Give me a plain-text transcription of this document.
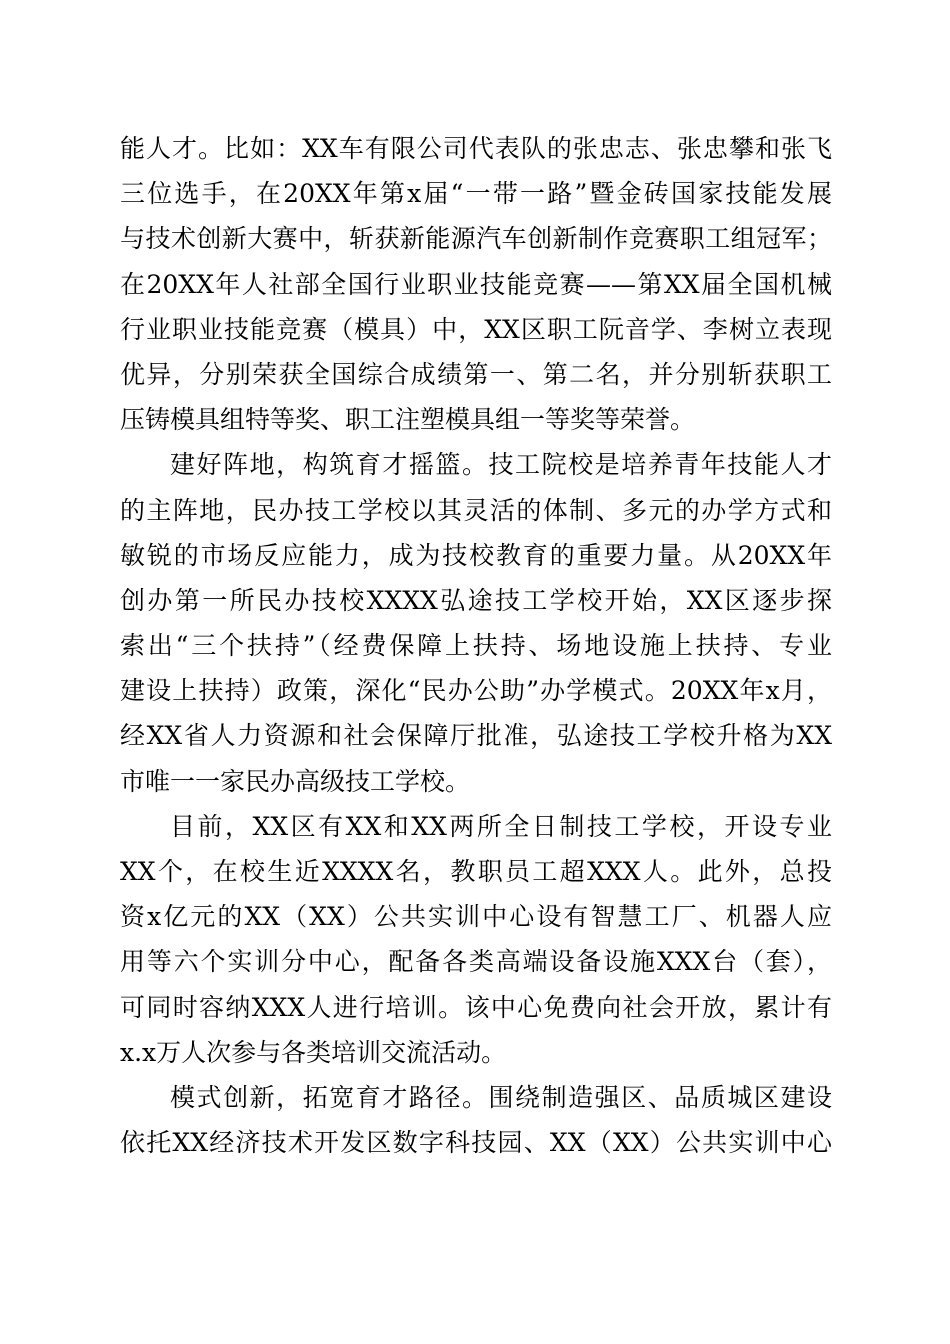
能人才。比如：XX车有限公司代表队的张忠志、张忠攀和张飞
三位选手，在20XX年第x届“一带一路”暨金砖国家技能发展
与技术创新大赛中，斩获新能源汽车创新制作竞赛职工组冠军；
在20XX年人社部全国行业职业技能竞赛——第XX届全国机械
行业职业技能竞赛（模具）中，XX区职工阮音学、李树立表现
优异，分别荣获全国综合成绩第一、第二名，并分别斩获职工
压铸模具组特等奖、职工注塑模具组一等奖等荣誉。
建好阵地，构筑育才摇篮。技工院校是培养青年技能人才
的主阵地，民办技工学校以其灵活的体制、多元的办学方式和
敏锐的市场反应能力，成为技校教育的重要力量。从20XX年
创办第一所民办技校XXXX弘途技工学校开始，XX区逐步探
索出“三个扶持”（经费保障上扶持、场地设施上扶持、专业
建设上扶持）政策，深化“民办公助”办学模式。20XX年x月，
经XX省人力资源和社会保障厅批准，弘途技工学校升格为XX
市唯一一家民办高级技工学校。
目前，XX区有XX和XX两所全日制技工学校，开设专业
XX个，在校生近XXXX名，教职员工超XXX人。此外，总投
资x亿元的XX（XX）公共实训中心设有智慧工厂、机器人应
用等六个实训分中心，配备各类高端设备设施XXX台（套），
可同时容纳XXX人进行培训。该中心免费向社会开放，累计有
x.x万人次参与各类培训交流活动。
模式创新，拓宽育才路径。围绕制造强区、品质城区建设
依托XX经济技术开发区数字科技园、XX（XX）公共实训中心
